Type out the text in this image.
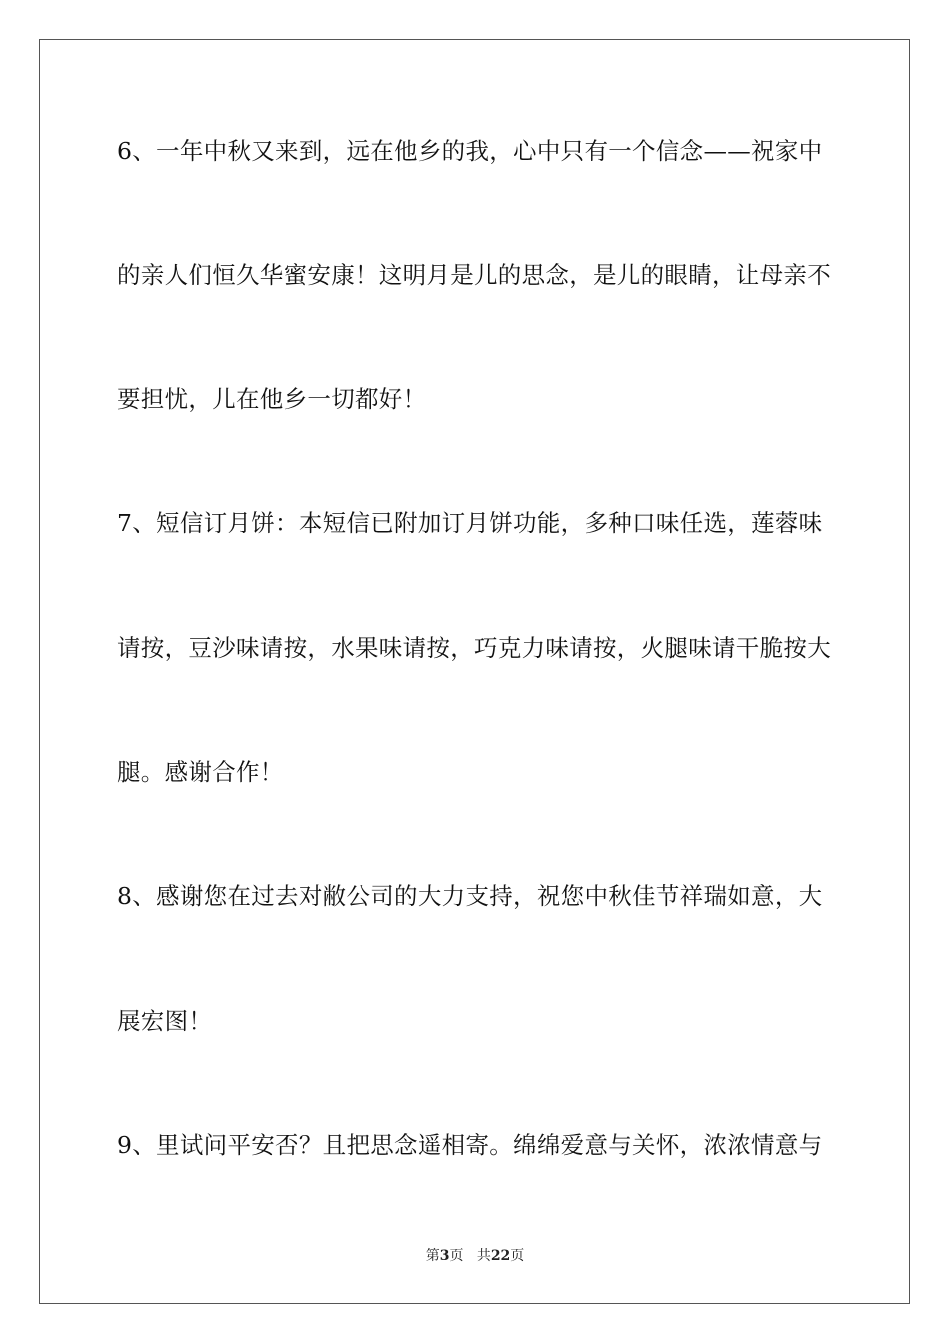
6、一年中秋又来到，远在他乡的我，心中只有一个信念——祝家中
的亲人们恒久华蜜安康！这明月是儿的思念，是儿的眼睛，让母亲不
要担忧，儿在他乡一切都好！
7、短信订月饼：本短信已附加订月饼功能，多种口味任选，莲蓉味
请按，豆沙味请按，水果味请按，巧克力味请按，火腿味请干脆按大
腿。感谢合作！
8、感谢您在过去对敝公司的大力支持，祝您中秋佳节祥瑞如意，大
展宏图！
9、里试问平安否？且把思念遥相寄。绵绵爱意与关怀，浓浓情意与
第3页 共22页
